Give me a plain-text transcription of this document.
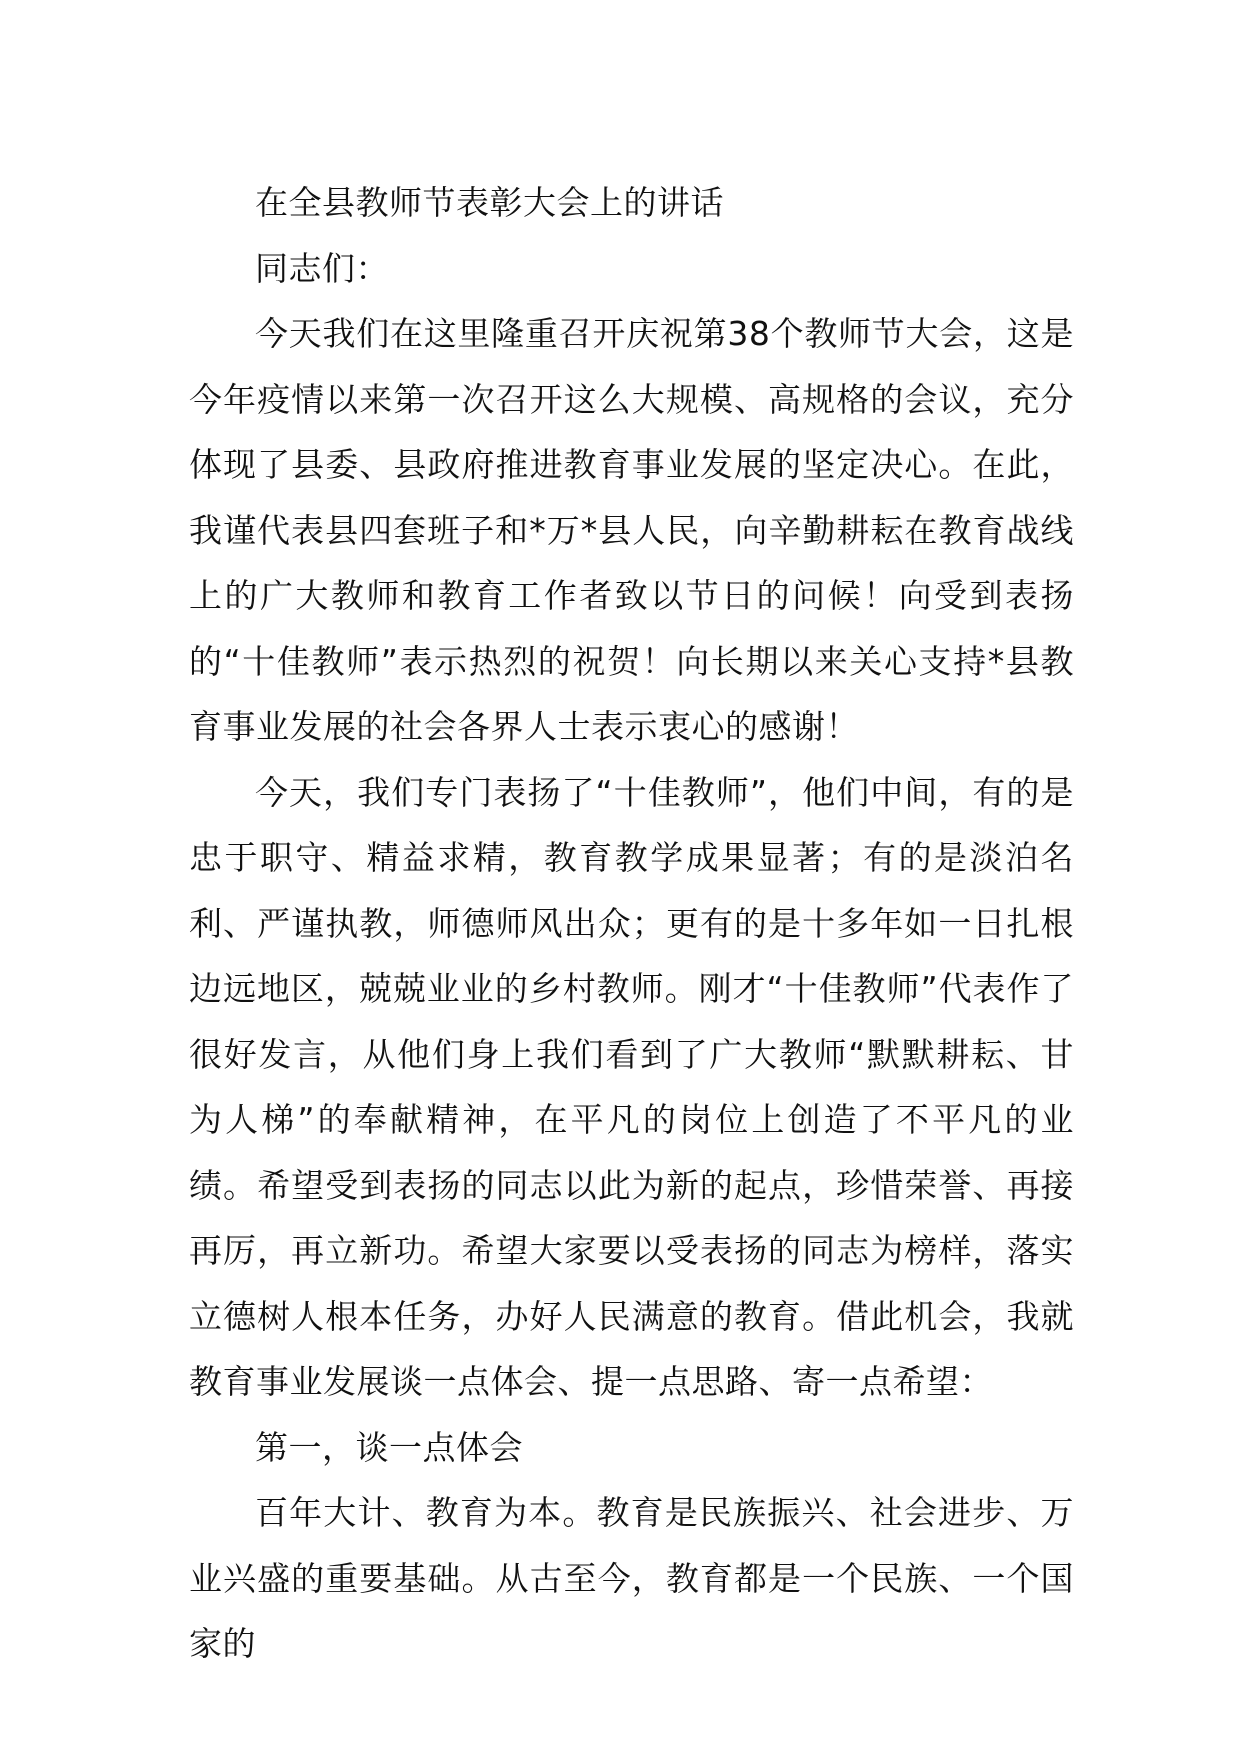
在全县教师节表彰大会上的讲话

同志们：

今天我们在这里隆重召开庆祝第38个教师节大会，这是今年疫情以来第一次召开这么大规模、高规格的会议，充分体现了县委、县政府推进教育事业发展的坚定决心。在此，我谨代表县四套班子和*万*县人民，向辛勤耕耘在教育战线上的广大教师和教育工作者致以节日的问候！向受到表扬的“十佳教师”表示热烈的祝贺！向长期以来关心支持*县教育事业发展的社会各界人士表示衷心的感谢！

今天，我们专门表扬了“十佳教师”，他们中间，有的是忠于职守、精益求精，教育教学成果显著；有的是淡泊名利、严谨执教，师德师风出众；更有的是十多年如一日扎根边远地区，兢兢业业的乡村教师。刚才“十佳教师”代表作了很好发言，从他们身上我们看到了广大教师“默默耕耘、甘为人梯”的奉献精神，在平凡的岗位上创造了不平凡的业绩。希望受到表扬的同志以此为新的起点，珍惜荣誉、再接再厉，再立新功。希望大家要以受表扬的同志为榜样，落实立德树人根本任务，办好人民满意的教育。借此机会，我就教育事业发展谈一点体会、提一点思路、寄一点希望：

第一，谈一点体会

百年大计、教育为本。教育是民族振兴、社会进步、万业兴盛的重要基础。从古至今，教育都是一个民族、一个国家的
